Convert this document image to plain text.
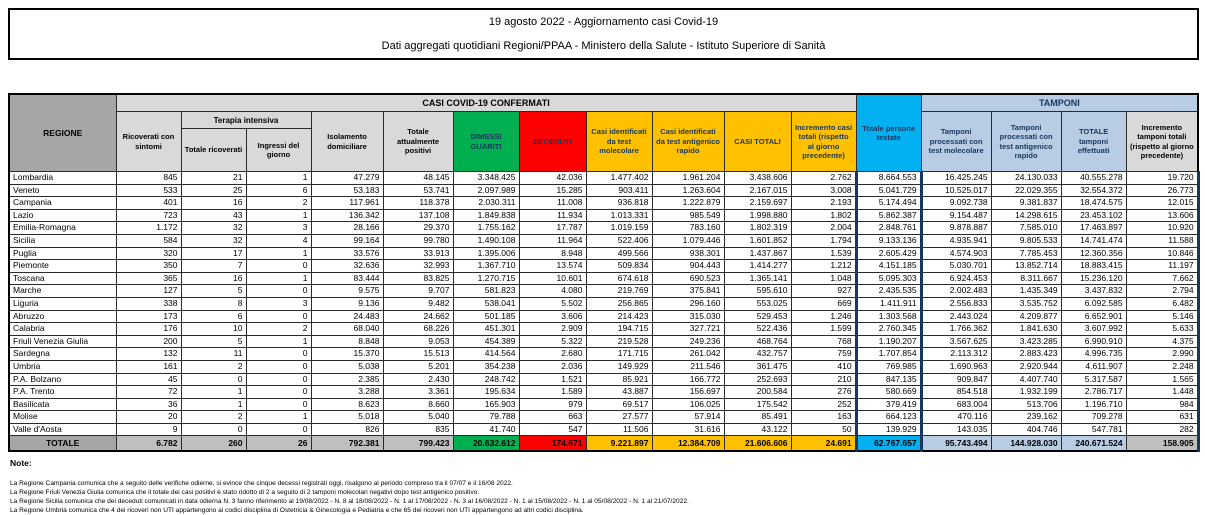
19 agosto 2022 - Aggiornamento casi Covid-19
Dati aggregati quotidiani Regioni/PPAA - Ministero della Salute - Istituto Superiore di Sanità
REGIONE	CASI COVID-19 CONFERMATI											Totale persone testate	TAMPONI			
	Ricoverati con sintomi	Terapia intensiva		Isolamento domiciliare	Totale attualmente positivi	DIMESSI GUARITI	DECEDUTI	Casi identificati da test molecolare	Casi identificati da test antigenico rapido	CASI TOTALI	Incremento casi totali (rispetto al giorno precedente)		Tamponi processati con test molecolare	Tamponi processati con test antigenico rapido	TOTALE tamponi effettuati	Incremento tamponi totali (rispetto al giorno precedente)
		Totale ricoverati	Ingressi del giorno													
Lombardia	845	21	1	47.279	48.145	3.348.425	42.036	1.477.402	1.961.204	3.438.606	2.762	8.664.553	16.425.245	24.130.033	40.555.278	19.720
Veneto	533	25	6	53.183	53.741	2.097.989	15.285	903.411	1.263.604	2.167.015	3.008	5.041.729	10.525.017	22.029.355	32.554.372	26.773
Campania	401	16	2	117.961	118.378	2.030.311	11.008	936.818	1.222.879	2.159.697	2.193	5.174.494	9.092.738	9.381.837	18.474.575	12.015
Lazio	723	43	1	136.342	137.108	1.849.838	11.934	1.013.331	985.549	1.998.880	1.802	5.862.387	9.154.487	14.298.615	23.453.102	13.606
Emilia-Romagna	1.172	32	3	28.166	29.370	1.755.162	17.787	1.019.159	783.160	1.802.319	2.004	2.848.761	9.878.887	7.585.010	17.463.897	10.920
Sicilia	584	32	4	99.164	99.780	1.490.108	11.964	522.406	1.079.446	1.601.852	1.794	9.133.136	4.935.941	9.805.533	14.741.474	11.588
Puglia	320	17	1	33.576	33.913	1.395.006	8.948	499.566	938.301	1.437.867	1.539	2.605.429	4.574.903	7.785.453	12.360.356	10.846
Piemonte	350	7	0	32.636	32.993	1.367.710	13.574	509.834	904.443	1.414.277	1.212	4.151.185	5.030.701	13.852.714	18.883.415	11.197
Toscana	365	16	1	83.444	83.825	1.270.715	10.601	674.618	690.523	1.365.141	1.048	5.095.303	6.924.453	8.311.667	15.236.120	7.662
Marche	127	5	0	9.575	9.707	581.823	4.080	219.769	375.841	595.610	927	2.435.535	2.002.483	1.435.349	3.437.832	2.794
Liguria	338	8	3	9.136	9.482	538.041	5.502	256.865	296.160	553.025	669	1.411.911	2.556.833	3.535.752	6.092.585	6.482
Abruzzo	173	6	0	24.483	24.662	501.185	3.606	214.423	315.030	529.453	1.246	1.303.568	2.443.024	4.209.877	6.652.901	5.146
Calabria	176	10	2	68.040	68.226	451.301	2.909	194.715	327.721	522.436	1.599	2.760.345	1.766.362	1.841.630	3.607.992	5.633
Friuli Venezia Giulia	200	5	1	8.848	9.053	454.389	5.322	219.528	249.236	468.764	768	1.190.207	3.567.625	3.423.285	6.990.910	4.375
Sardegna	132	11	0	15.370	15.513	414.564	2.680	171.715	261.042	432.757	759	1.707.854	2.113.312	2.883.423	4.996.735	2.990
Umbria	161	2	0	5.038	5.201	354.238	2.036	149.929	211.546	361.475	410	769.985	1.690.963	2.920.944	4.611.907	2.248
P.A. Bolzano	45	0	0	2.385	2.430	248.742	1.521	85.921	166.772	252.693	210	847.135	909.847	4.407.740	5.317.587	1.565
P.A. Trento	72	1	0	3.288	3.361	195.634	1.589	43.887	156.697	200.584	276	580.669	854.518	1.932.199	2.786.717	1.448
Basilicata	36	1	0	8.623	8.660	165.903	979	69.517	106.025	175.542	252	379.419	683.004	513.706	1.196.710	984
Molise	20	2	1	5.018	5.040	79.788	663	27.577	57.914	85.491	163	664.123	470.116	239.162	709.278	631
Valle d'Aosta	9	0	0	826	835	41.740	547	11.506	31.616	43.122	50	139.929	143.035	404.746	547.781	282
TOTALE	6.782	260	26	792.381	799.423	20.632.612	174.571	9.221.897	12.384.709	21.606.606	24.691	62.767.657	95.743.494	144.928.030	240.671.524	158.905
Note:
La Regione Campania comunica che a seguito delle verifiche odierne, si evince che cinque decessi registrati oggi, risalgono al periodo compreso tra il 07/07 e il 16/08 2022.
La Regione Friuli Venezia Giulia comunica che il totale dei casi positivi è stato ridotto di 2 a seguito di 2 tamponi molecolari negativi dopo test antigenico positivo.
La Regione Sicilia comunica che dei deceduti comunicati in data odierna N. 3 fanno riferimento al 19/08/2022 - N. 8 al 18/08/2022 - N. 1 al 17/08/2022 - N. 3 al 16/08/2022 - N. 1 al 15/08/2022 - N. 1 al 05/08/2022 - N. 1 al 21/07/2022.
La Regione Umbria comunica che 4 dei ricoveri non UTI appartengono ai codici disciplina di Ostetricia & Ginecologia e Pediatria e che 65 dei ricoveri non UTI appartengono ad altri codici disciplina.
